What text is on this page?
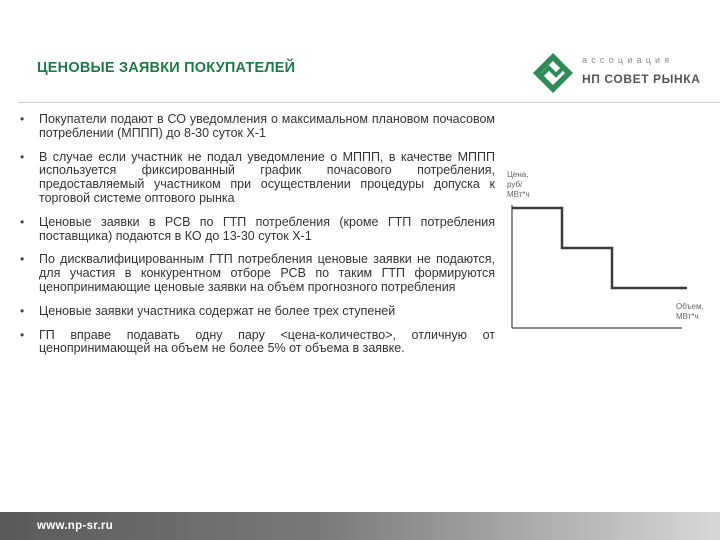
ЦЕНОВЫЕ ЗАЯВКИ ПОКУПАТЕЛЕЙ	ассоциация
НП СОВЕТ РЫНКА
• Покупатели подают в СО уведомления о максимальном плановом почасовом потреблении (МППП) до 8-30 суток Х-1
• В случае если участник не подал уведомление о МППП, в качестве МППП используется фиксированный график почасового потребления, предоставляемый участником при осуществлении процедуры допуска к торговой системе оптового рынка
• Ценовые заявки в РСВ по ГТП потребления (кроме ГТП потребления поставщика) подаются в КО до 13-30 суток Х-1
• По дисквалифицированным ГТП потребления ценовые заявки не подаются, для участия в конкурентном отборе РСВ по таким ГТП формируются ценопринимающие ценовые заявки на объем прогнозного потребления
• Ценовые заявки участника содержат не более трех ступеней
• ГП вправе подавать одну пару <цена-количество>, отличную от ценопринимающей на объем не более 5% от объема в заявке.
Цена,
руб/
МВт*ч
Объем,
МВт*ч
www.np-sr.ru
